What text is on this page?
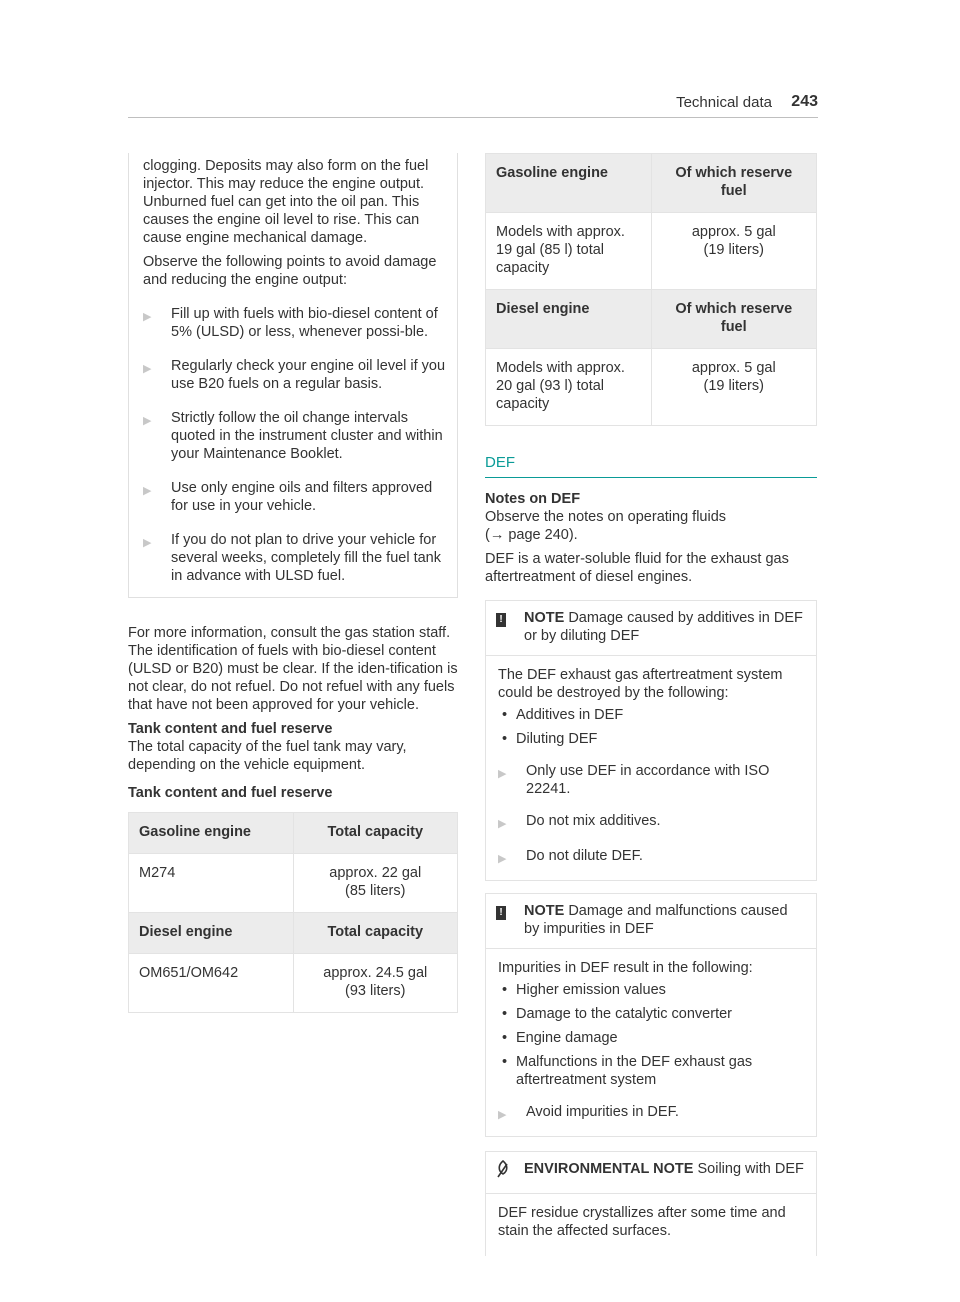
Technical data 243

clogging. Deposits may also form on the fuel injector. This may reduce the engine output. Unburned fuel can get into the oil pan. This causes the engine oil level to rise. This can cause engine mechanical damage.

Observe the following points to avoid damage and reducing the engine output:

▶	Fill up with fuels with bio-diesel content of 5% (ULSD) or less, whenever possi-ble.
▶	Regularly check your engine oil level if you use B20 fuels on a regular basis.
▶	Strictly follow the oil change intervals quoted in the instrument cluster and within your Maintenance Booklet.
▶	Use only engine oils and filters approved for use in your vehicle.
▶	If you do not plan to drive your vehicle for several weeks, completely fill the fuel tank in advance with ULSD fuel.

For more information, consult the gas station staff. The identification of fuels with bio-diesel content (ULSD or B20) must be clear. If the iden-tification is not clear, do not refuel. Do not refuel with any fuels that have not been approved for your vehicle.

Tank content and fuel reserve

The total capacity of the fuel tank may vary, depending on the vehicle equipment.

Tank content and fuel reserve

Gasoline engine	Total capacity
M274	approx. 22 gal
(85 liters)
Diesel engine	Total capacity
OM651/OM642	approx. 24.5 gal
(93 liters)
Gasoline engine	Of which reserve
fuel
Models with approx. 19 gal (85 l) total capacity	approx. 5 gal
(19 liters)
Diesel engine	Of which reserve
fuel
Models with approx. 20 gal (93 l) total capacity	approx. 5 gal
(19 liters)
DEF

Notes on DEF

Observe the notes on operating fluids

(→ page 240).

DEF is a water-soluble fluid for the exhaust gas aftertreatment of diesel engines.

!	NOTE Damage caused by additives in DEF or by diluting DEF

The DEF exhaust gas aftertreatment system could be destroyed by the following:

• Additives in DEF
• Diluting DEF
▶	Only use DEF in accordance with ISO 22241.
▶	Do not mix additives.
▶	Do not dilute DEF.
!	NOTE Damage and malfunctions caused by impurities in DEF

Impurities in DEF result in the following:

• Higher emission values
• Damage to the catalytic converter
• Engine damage
• Malfunctions in the DEF exhaust gas aftertreatment system
▶	Avoid impurities in DEF.
ENVIRONMENTAL NOTE Soiling with DEF

DEF residue crystallizes after some time and stain the affected surfaces.
